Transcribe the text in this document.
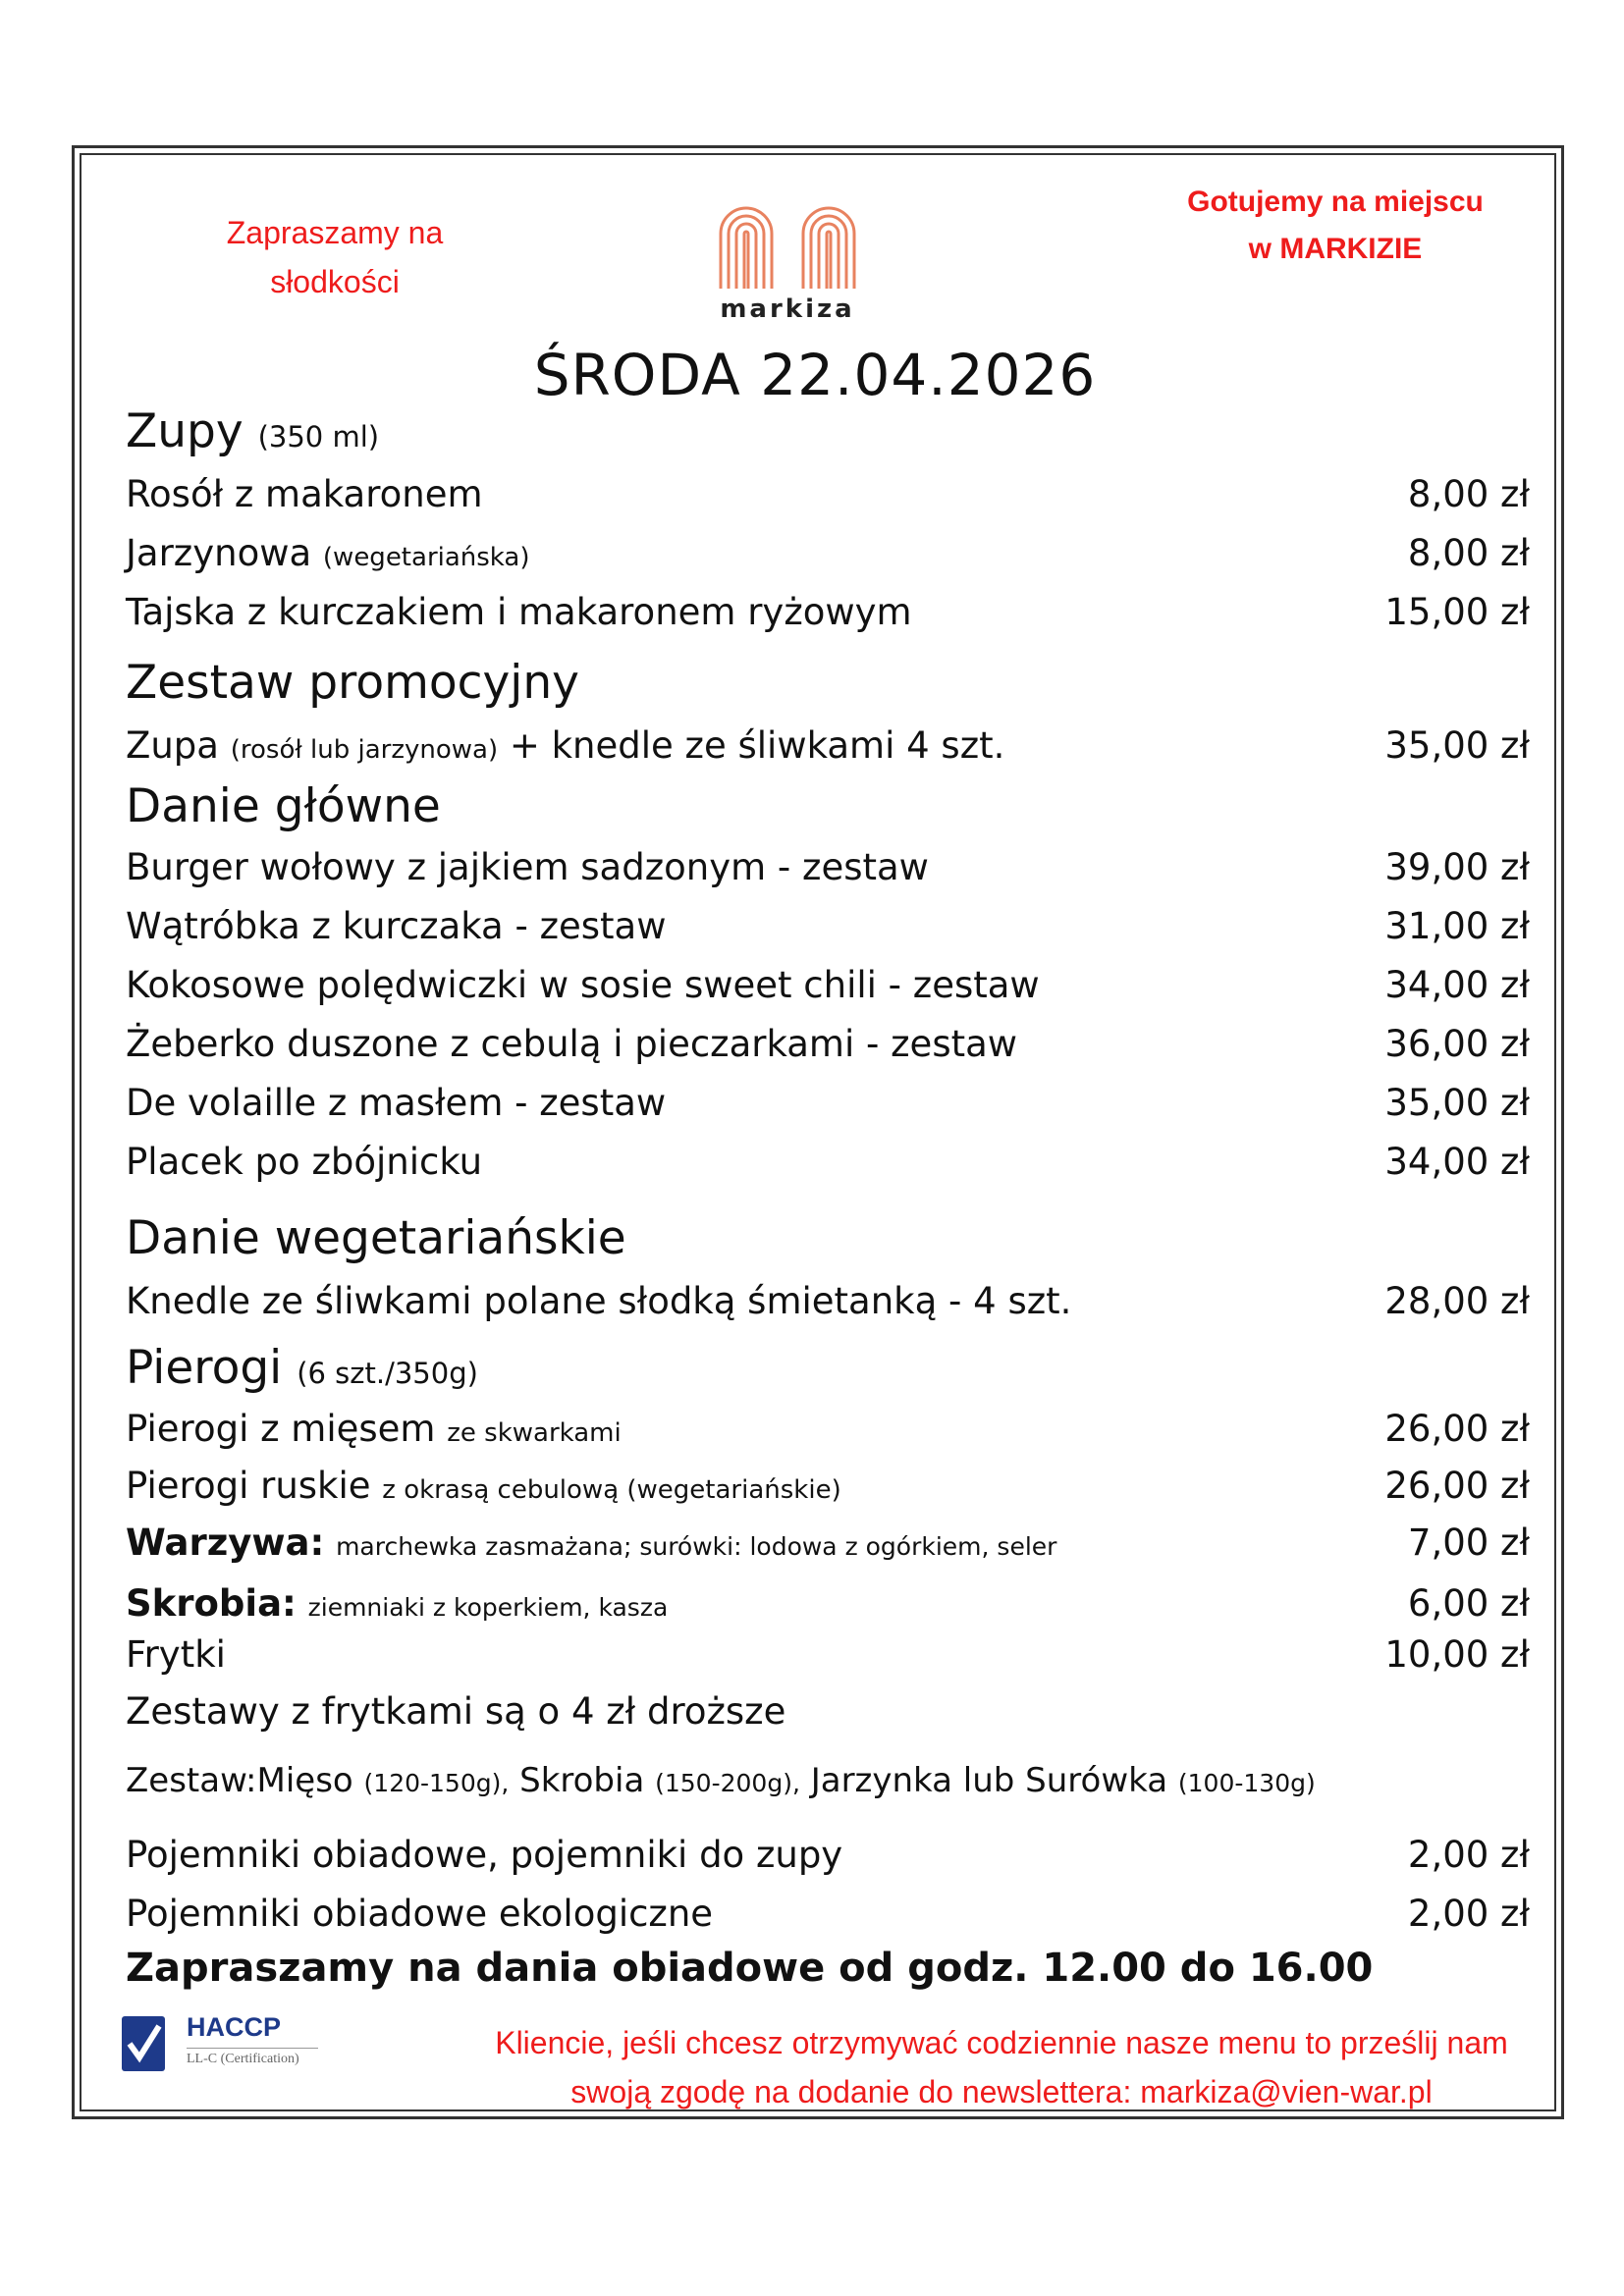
Zapraszamy na
słodkości
Gotujemy na miejscu
w MARKIZIE
markiza
ŚRODA 22.04.2026
Zupy (350 ml)
Rosół z makaronem	8,00 zł
Jarzynowa (wegetariańska)	8,00 zł
Tajska z kurczakiem i makaronem ryżowym	15,00 zł
Zestaw promocyjny
Zupa (rosół lub jarzynowa) + knedle ze śliwkami 4 szt.	35,00 zł
Danie główne
Burger wołowy z jajkiem sadzonym - zestaw	39,00 zł
Wątróbka z kurczaka - zestaw	31,00 zł
Kokosowe polędwiczki w sosie sweet chili - zestaw	34,00 zł
Żeberko duszone z cebulą i pieczarkami - zestaw	36,00 zł
De volaille z masłem - zestaw	35,00 zł
Placek po zbójnicku	34,00 zł
Danie wegetariańskie
Knedle ze śliwkami polane słodką śmietanką - 4 szt.	28,00 zł
Pierogi (6 szt./350g)
Pierogi z mięsem ze skwarkami	26,00 zł
Pierogi ruskie z okrasą cebulową (wegetariańskie)	26,00 zł
Warzywa: marchewka zasmażana; surówki: lodowa z ogórkiem, seler	7,00 zł
Skrobia: ziemniaki z koperkiem, kasza	6,00 zł
Frytki	10,00 zł
Zestawy z frytkami są o 4 zł droższe
Zestaw:Mięso (120-150g), Skrobia (150-200g), Jarzynka lub Surówka (100-130g)
Pojemniki obiadowe, pojemniki do zupy	2,00 zł
Pojemniki obiadowe ekologiczne	2,00 zł
Zapraszamy na dania obiadowe od godz. 12.00 do 16.00
HACCP
LL-C (Certification)	Kliencie, jeśli chcesz otrzymywać codziennie nasze menu to prześlij nam
swoją zgodę na dodanie do newslettera: markiza@vien-war.pl
